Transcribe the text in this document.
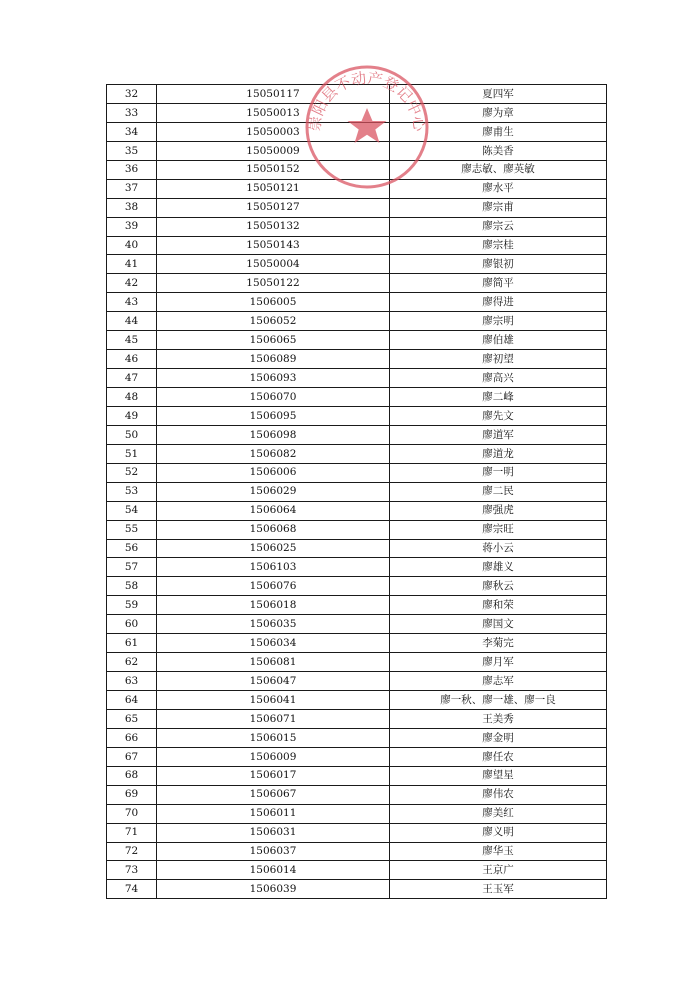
32	15050117	夏四军
33	15050013	廖为章
34	15050003	廖甫生
35	15050009	陈美香
36	15050152	廖志敏、廖英敏
37	15050121	廖水平
38	15050127	廖宗甫
39	15050132	廖宗云
40	15050143	廖宗桂
41	15050004	廖银初
42	15050122	廖简平
43	1506005	廖得进
44	1506052	廖宗明
45	1506065	廖伯雄
46	1506089	廖初望
47	1506093	廖高兴
48	1506070	廖二峰
49	1506095	廖先文
50	1506098	廖道军
51	1506082	廖道龙
52	1506006	廖一明
53	1506029	廖二民
54	1506064	廖强虎
55	1506068	廖宗旺
56	1506025	蒋小云
57	1506103	廖雄义
58	1506076	廖秋云
59	1506018	廖和荣
60	1506035	廖国文
61	1506034	李菊完
62	1506081	廖月军
63	1506047	廖志军
64	1506041	廖一秋、廖一雄、廖一良
65	1506071	王美秀
66	1506015	廖金明
67	1506009	廖任农
68	1506017	廖望星
69	1506067	廖伟农
70	1506011	廖美红
71	1506031	廖义明
72	1506037	廖华玉
73	1506014	王京广
74	1506039	王玉军
崇阳县不动产登记中心
